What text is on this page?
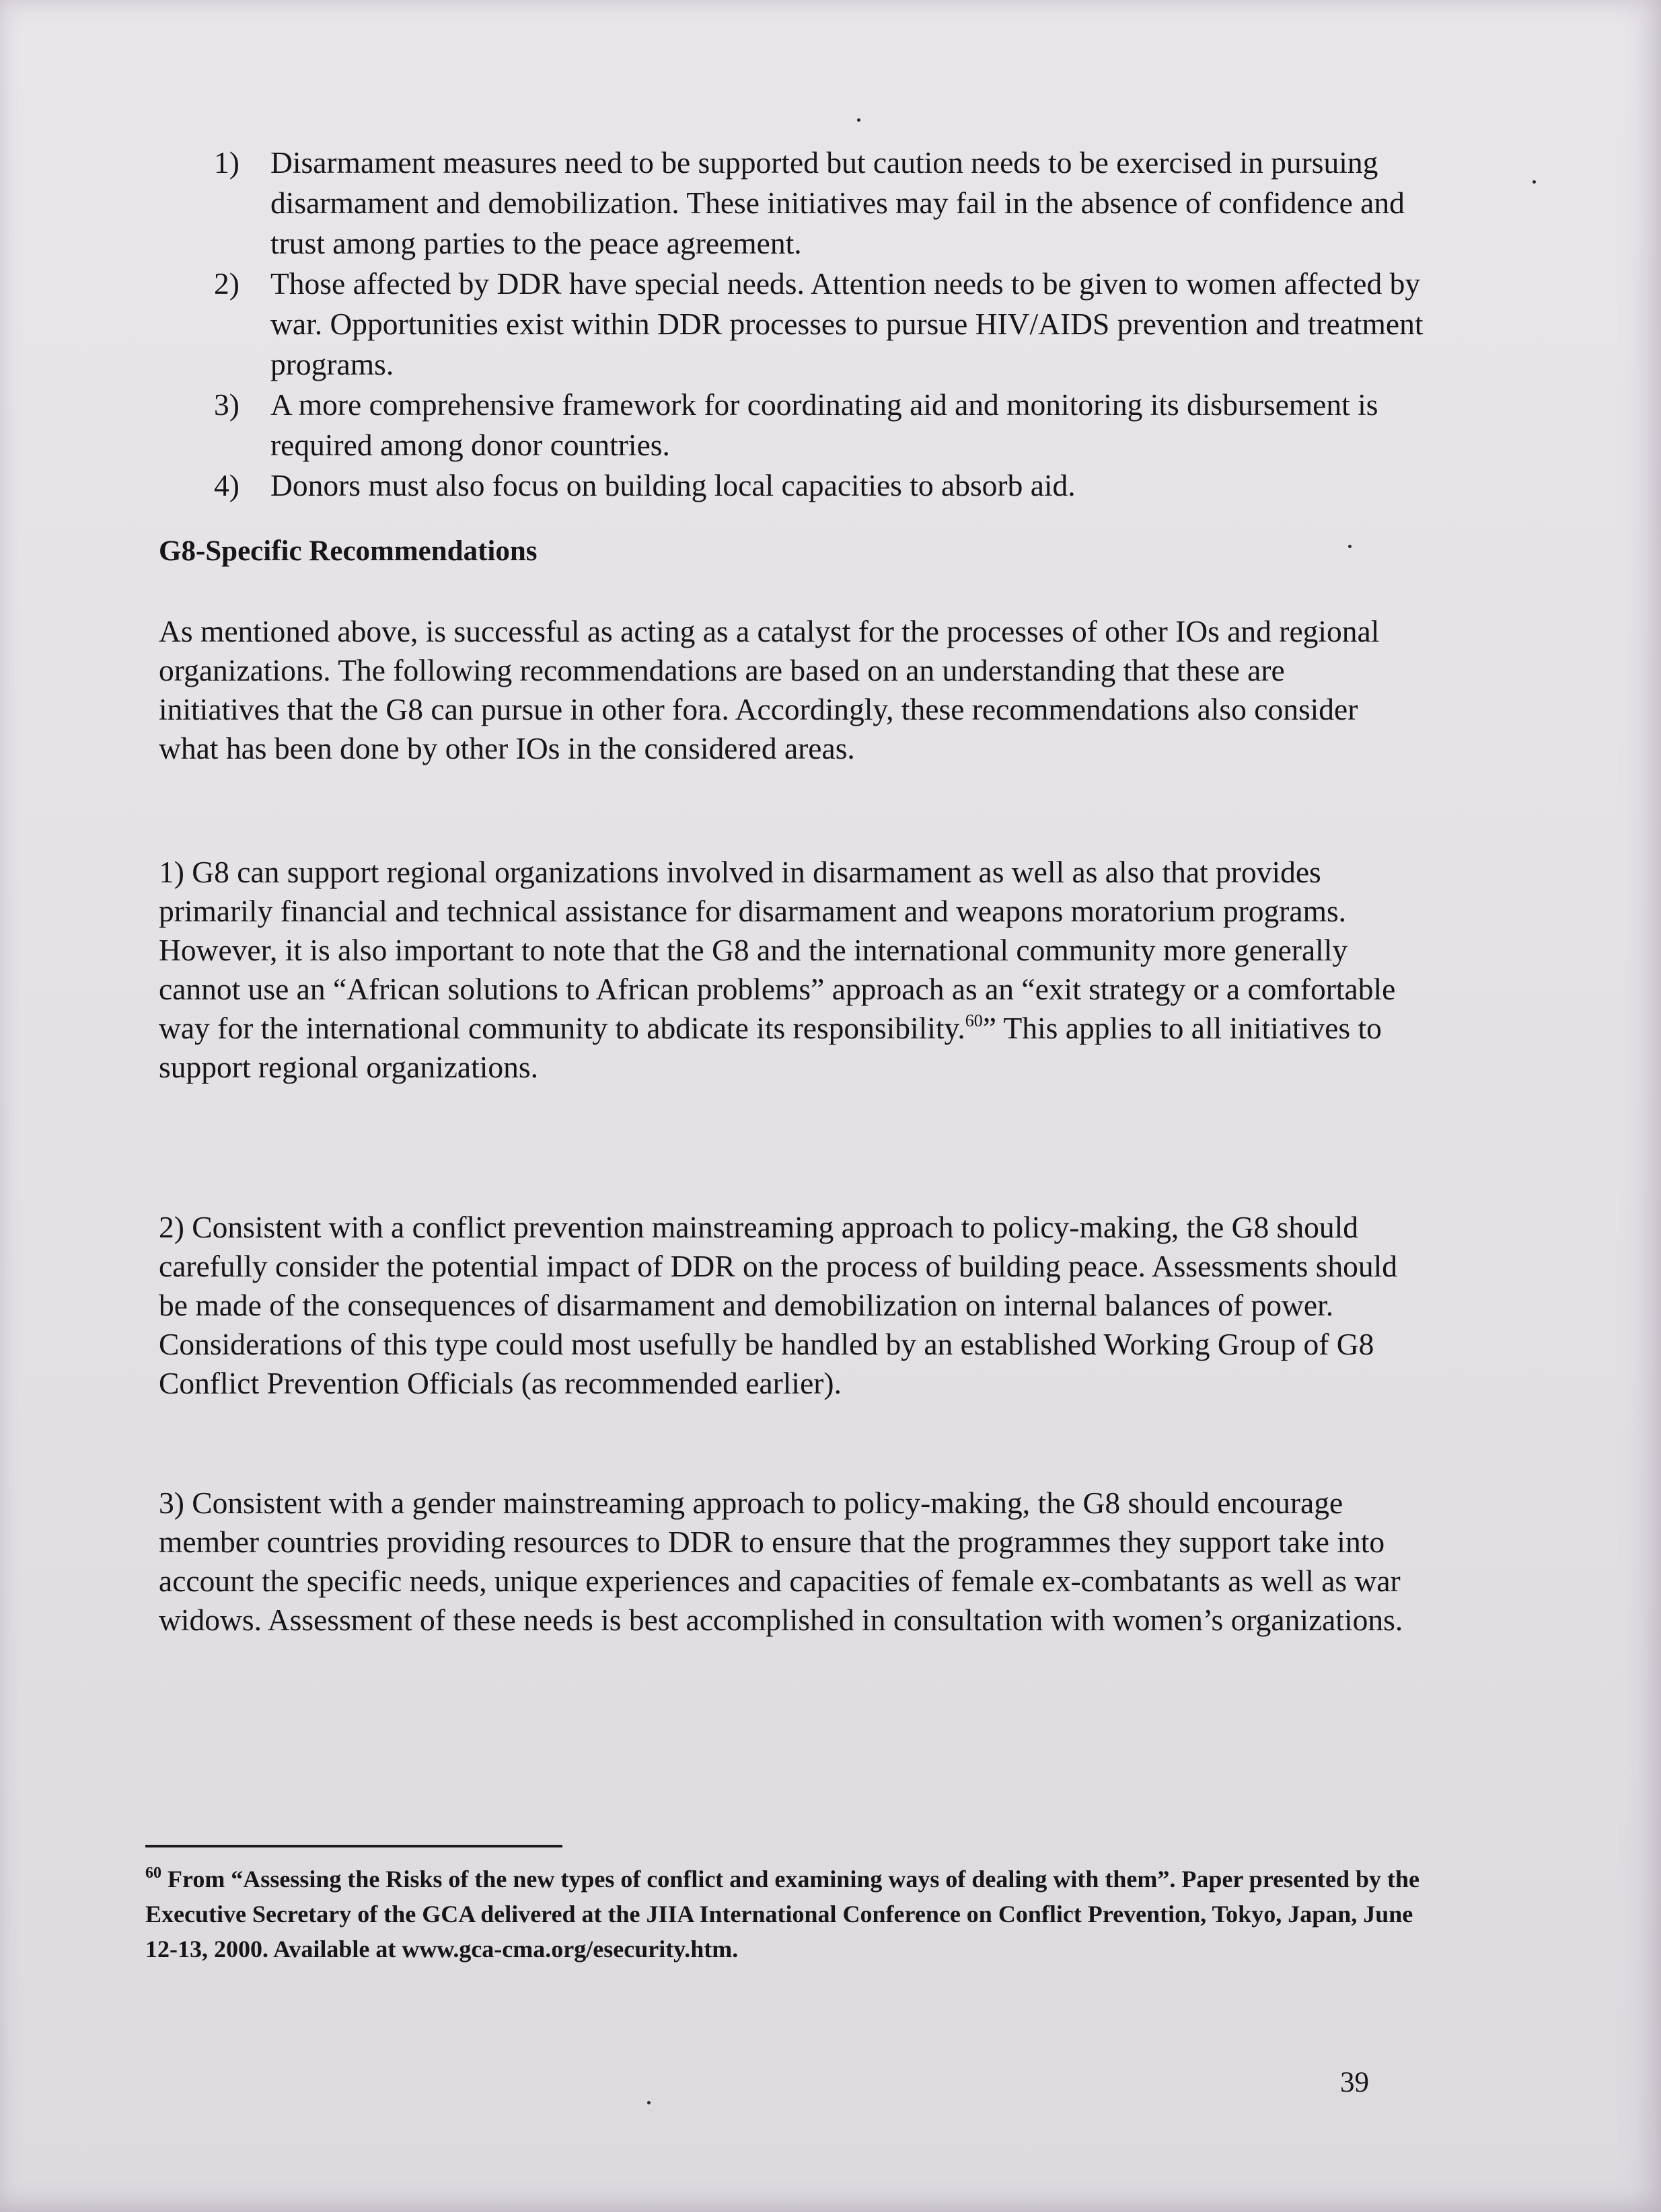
1) Disarmament measures need to be supported but caution needs to be exercised in pursuing disarmament and demobilization. These initiatives may fail in the absence of confidence and trust among parties to the peace agreement.
2) Those affected by DDR have special needs. Attention needs to be given to women affected by war. Opportunities exist within DDR processes to pursue HIV/AIDS prevention and treatment programs.
3) A more comprehensive framework for coordinating aid and monitoring its disbursement is required among donor countries.
4) Donors must also focus on building local capacities to absorb aid.
G8-Specific Recommendations

As mentioned above, is successful as acting as a catalyst for the processes of other IOs and regional organizations. The following recommendations are based on an understanding that these are initiatives that the G8 can pursue in other fora. Accordingly, these recommendations also consider what has been done by other IOs in the considered areas.

1) G8 can support regional organizations involved in disarmament as well as also that provides primarily financial and technical assistance for disarmament and weapons moratorium programs. However, it is also important to note that the G8 and the international community more generally cannot use an “African solutions to African problems” approach as an “exit strategy or a comfortable way for the international community to abdicate its responsibility.$^{60}$” This applies to all initiatives to support regional organizations.

2) Consistent with a conflict prevention mainstreaming approach to policy-making, the G8 should carefully consider the potential impact of DDR on the process of building peace. Assessments should be made of the consequences of disarmament and demobilization on internal balances of power. Considerations of this type could most usefully be handled by an established Working Group of G8 Conflict Prevention Officials (as recommended earlier).

3) Consistent with a gender mainstreaming approach to policy-making, the G8 should encourage member countries providing resources to DDR to ensure that the programmes they support take into account the specific needs, unique experiences and capacities of female ex-combatants as well as war widows. Assessment of these needs is best accomplished in consultation with women’s organizations.

$^{60}$ From “Assessing the Risks of the new types of conflict and examining ways of dealing with them”. Paper presented by the Executive Secretary of the GCA delivered at the JIIA International Conference on Conflict Prevention, Tokyo, Japan, June 12-13, 2000. Available at www.gca-cma.org/esecurity.htm.

39
